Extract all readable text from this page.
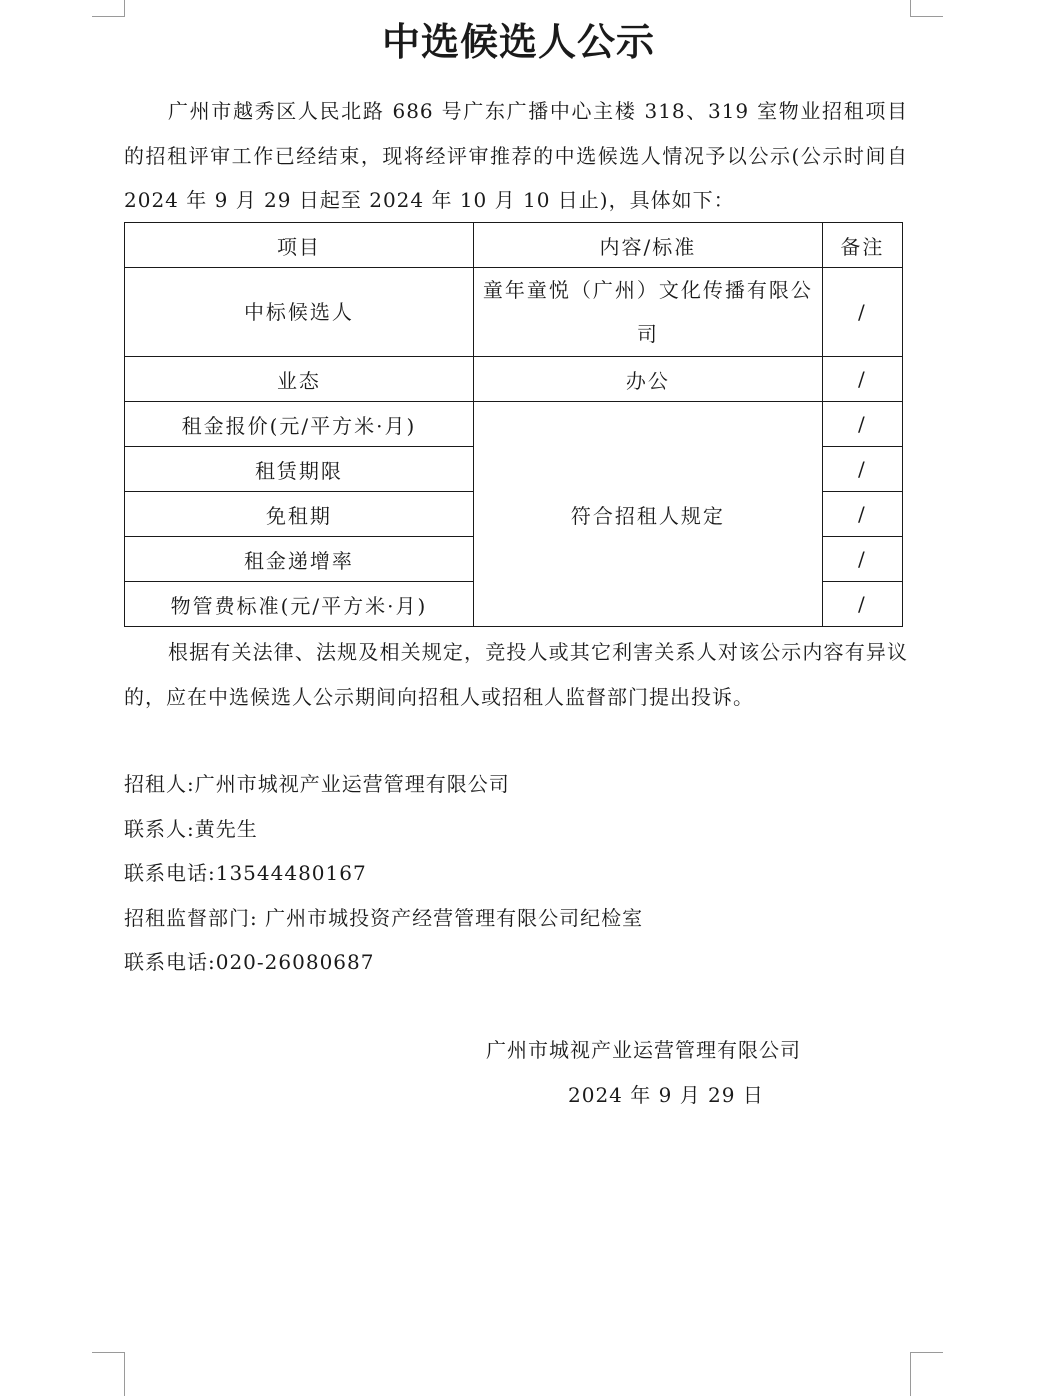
中选候选人公示

广州市越秀区人民北路 686 号广东广播中心主楼 318、319 室物业招租项目的招租评审工作已经结束，现将经评审推荐的中选候选人情况予以公示(公示时间自 2024 年 9 月 29 日起至 2024 年 10 月 10 日止)，具体如下：

项目	内容/标准	备注
中标候选人	童年童悦（广州）文化传播有限公司	/
业态	办公	/
租金报价(元/平方米·月)	符合招租人规定	/
租赁期限		/
免租期		/
租金递增率		/
物管费标准(元/平方米·月)		/

根据有关法律、法规及相关规定，竞投人或其它利害关系人对该公示内容有异议的，应在中选候选人公示期间向招租人或招租人监督部门提出投诉。

招租人:广州市城视产业运营管理有限公司
联系人:黄先生
联系电话:13544480167
招租监督部门: 广州市城投资产经营管理有限公司纪检室
联系电话:020-26080687
广州市城视产业运营管理有限公司
2024 年 9 月 29 日
